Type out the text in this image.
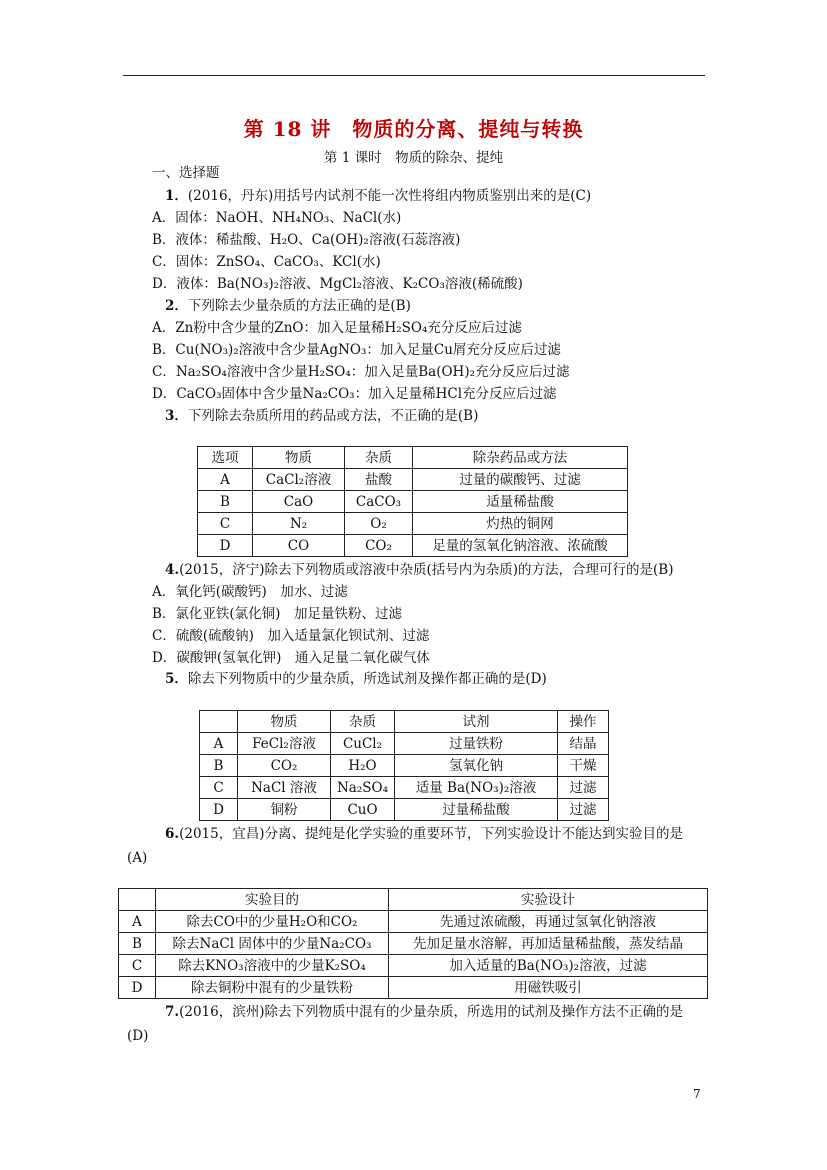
第 18 讲　物质的分离、提纯与转换
第 1 课时　物质的除杂、提纯
一、选择题
1．(2016，丹东)用括号内试剂不能一次性将组内物质鉴别出来的是(C)
A．固体：NaOH、NH₄NO₃、NaCl(水)
B．液体：稀盐酸、H₂O、Ca(OH)₂溶液(石蕊溶液)
C．固体：ZnSO₄、CaCO₃、KCl(水)
D．液体：Ba(NO₃)₂溶液、MgCl₂溶液、K₂CO₃溶液(稀硫酸)
2．下列除去少量杂质的方法正确的是(B)
A．Zn粉中含少量的ZnO：加入足量稀H₂SO₄充分反应后过滤
B．Cu(NO₃)₂溶液中含少量AgNO₃：加入足量Cu屑充分反应后过滤
C．Na₂SO₄溶液中含少量H₂SO₄：加入足量Ba(OH)₂充分反应后过滤
D．CaCO₃固体中含少量Na₂CO₃：加入足量稀HCl充分反应后过滤
3．下列除去杂质所用的药品或方法，不正确的是(B)
选项	物质	杂质	除杂药品或方法
A	CaCl₂溶液	盐酸	过量的碳酸钙、过滤
B	CaO	CaCO₃	适量稀盐酸
C	N₂	O₂	灼热的铜网
D	CO	CO₂	足量的氢氧化钠溶液、浓硫酸
4.(2015，济宁)除去下列物质或溶液中杂质(括号内为杂质)的方法，合理可行的是(B)
A．氧化钙(碳酸钙)　加水、过滤
B．氯化亚铁(氯化铜)　加足量铁粉、过滤
C．硫酸(硫酸钠)　加入适量氯化钡试剂、过滤
D．碳酸钾(氢氧化钾)　通入足量二氧化碳气体
5．除去下列物质中的少量杂质，所选试剂及操作都正确的是(D)
	物质	杂质	试剂	操作
A	FeCl₂溶液	CuCl₂	过量铁粉	结晶
B	CO₂	H₂O	氢氧化钠	干燥
C	NaCl 溶液	Na₂SO₄	适量 Ba(NO₃)₂溶液	过滤
D	铜粉	CuO	过量稀盐酸	过滤
6.(2015，宜昌)分离、提纯是化学实验的重要环节，下列实验设计不能达到实验目的是
(A)
	实验目的	实验设计
A	除去CO中的少量H₂O和CO₂	先通过浓硫酸，再通过氢氧化钠溶液
B	除去NaCl 固体中的少量Na₂CO₃	先加足量水溶解，再加适量稀盐酸，蒸发结晶
C	除去KNO₃溶液中的少量K₂SO₄	加入适量的Ba(NO₃)₂溶液，过滤
D	除去铜粉中混有的少量铁粉	用磁铁吸引
7.(2016，滨州)除去下列物质中混有的少量杂质，所选用的试剂及操作方法不正确的是
(D)
7
